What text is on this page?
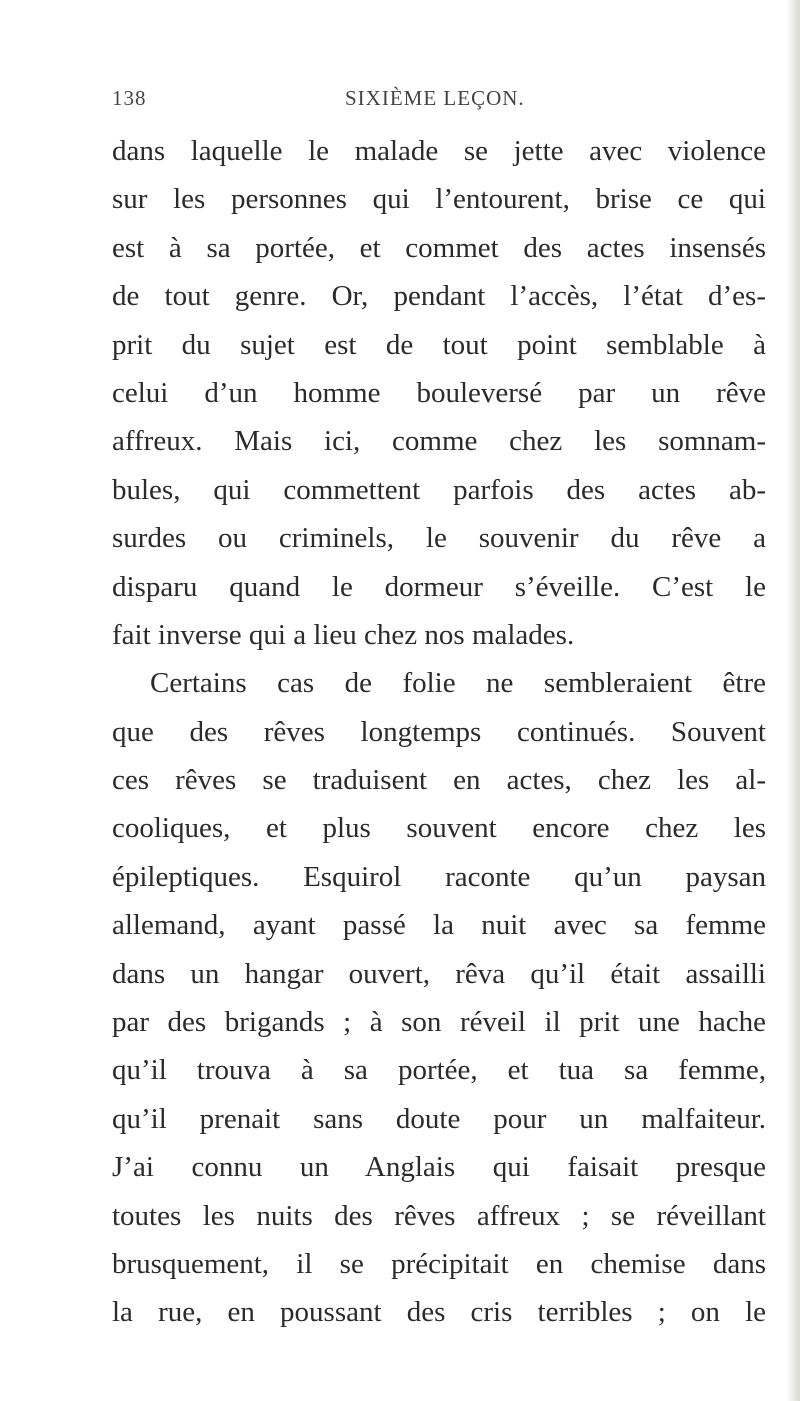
138	SIXIÈME LEÇON.
dans laquelle le malade se jette avec violence
sur les personnes qui l’entourent, brise ce qui
est à sa portée, et commet des actes insensés
de tout genre. Or, pendant l’accès, l’état d’es-
prit du sujet est de tout point semblable à
celui d’un homme bouleversé par un rêve
affreux. Mais ici, comme chez les somnam-
bules, qui commettent parfois des actes ab-
surdes ou criminels, le souvenir du rêve a
disparu quand le dormeur s’éveille. C’est le
fait inverse qui a lieu chez nos malades.
Certains cas de folie ne sembleraient être
que des rêves longtemps continués. Souvent
ces rêves se traduisent en actes, chez les al-
cooliques, et plus souvent encore chez les
épileptiques. Esquirol raconte qu’un paysan
allemand, ayant passé la nuit avec sa femme
dans un hangar ouvert, rêva qu’il était assailli
par des brigands ; à son réveil il prit une hache
qu’il trouva à sa portée, et tua sa femme,
qu’il prenait sans doute pour un malfaiteur.
J’ai connu un Anglais qui faisait presque
toutes les nuits des rêves affreux ; se réveillant
brusquement, il se précipitait en chemise dans
la rue, en poussant des cris terribles ; on le
